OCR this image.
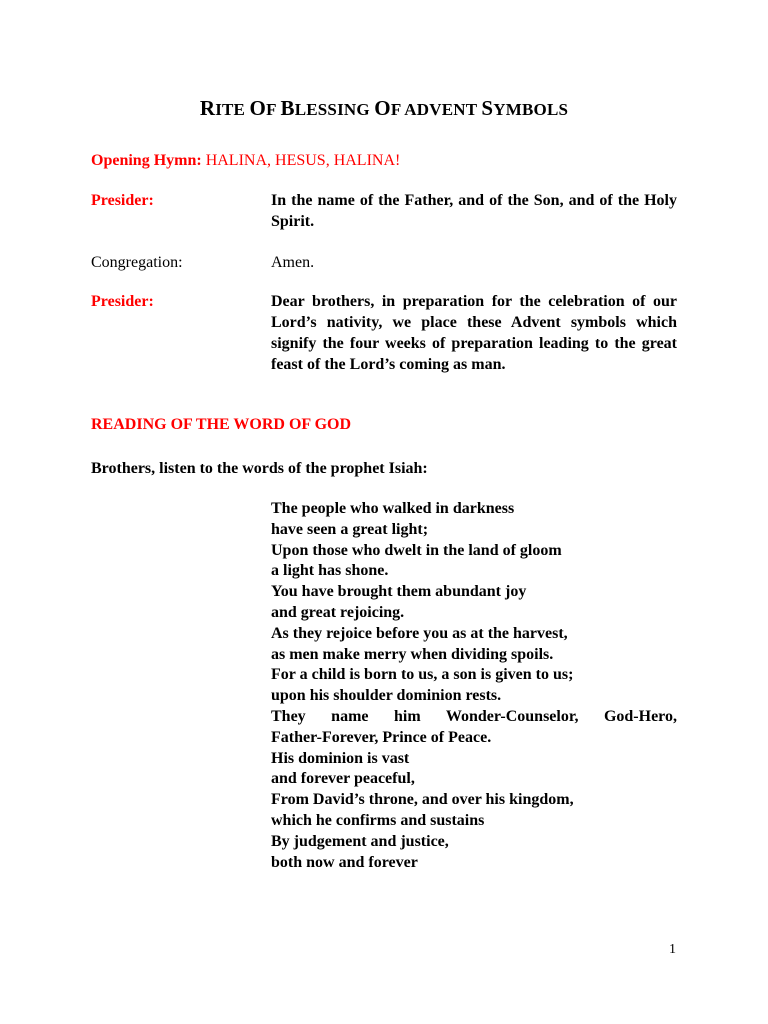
RITE OF BLESSING OF ADVENT SYMBOLS
Opening Hymn: HALINA, HESUS, HALINA!
Presider:	In the name of the Father, and of the Son, and of the Holy Spirit.
Congregation:	Amen.
Presider:	Dear brothers, in preparation for the celebration of our Lord’s nativity, we place these Advent symbols which signify the four weeks of preparation leading to the great feast of the Lord’s coming as man.
READING OF THE WORD OF GOD
Brothers, listen to the words of the prophet Isiah:
The people who walked in darkness
have seen a great light;
Upon those who dwelt in the land of gloom
a light has shone.
You have brought them abundant joy
and great rejoicing.
As they rejoice before you as at the harvest,
as men make merry when dividing spoils.
For a child is born to us, a son is given to us;
upon his shoulder dominion rests.
They name him Wonder-Counselor, God-Hero,
Father-Forever, Prince of Peace.
His dominion is vast
and forever peaceful,
From David’s throne, and over his kingdom,
which he confirms and sustains
By judgement and justice,
both now and forever
1
